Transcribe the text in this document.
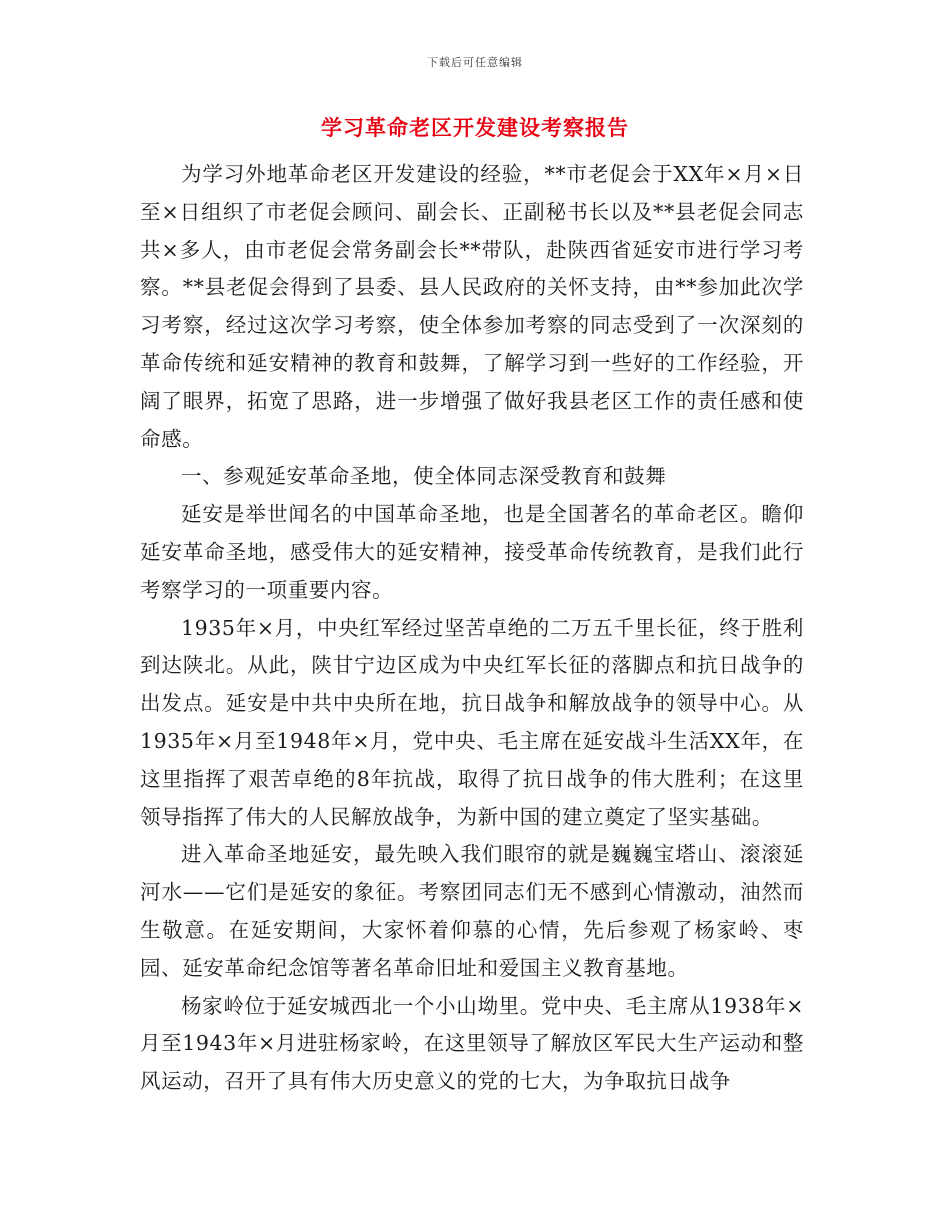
下载后可任意编辑
学习革命老区开发建设考察报告

为学习外地革命老区开发建设的经验，**市老促会于XX年×月×日至×日组织了市老促会顾问、副会长、正副秘书长以及**县老促会同志共×多人，由市老促会常务副会长**带队，赴陕西省延安市进行学习考察。**县老促会得到了县委、县人民政府的关怀支持，由**参加此次学习考察，经过这次学习考察，使全体参加考察的同志受到了一次深刻的革命传统和延安精神的教育和鼓舞，了解学习到一些好的工作经验，开阔了眼界，拓宽了思路，进一步增强了做好我县老区工作的责任感和使命感。

一、参观延安革命圣地，使全体同志深受教育和鼓舞

延安是举世闻名的中国革命圣地，也是全国著名的革命老区。瞻仰延安革命圣地，感受伟大的延安精神，接受革命传统教育，是我们此行考察学习的一项重要内容。

1935年×月，中央红军经过坚苦卓绝的二万五千里长征，终于胜利到达陕北。从此，陕甘宁边区成为中央红军长征的落脚点和抗日战争的出发点。延安是中共中央所在地，抗日战争和解放战争的领导中心。从1935年×月至1948年×月，党中央、毛主席在延安战斗生活XX年，在这里指挥了艰苦卓绝的8年抗战，取得了抗日战争的伟大胜利；在这里领导指挥了伟大的人民解放战争，为新中国的建立奠定了坚实基础。

进入革命圣地延安，最先映入我们眼帘的就是巍巍宝塔山、滚滚延河水——它们是延安的象征。考察团同志们无不感到心情激动，油然而生敬意。在延安期间，大家怀着仰慕的心情，先后参观了杨家岭、枣园、延安革命纪念馆等著名革命旧址和爱国主义教育基地。

杨家岭位于延安城西北一个小山坳里。党中央、毛主席从1938年×月至1943年×月进驻杨家岭，在这里领导了解放区军民大生产运动和整风运动，召开了具有伟大历史意义的党的七大，为争取抗日战争
